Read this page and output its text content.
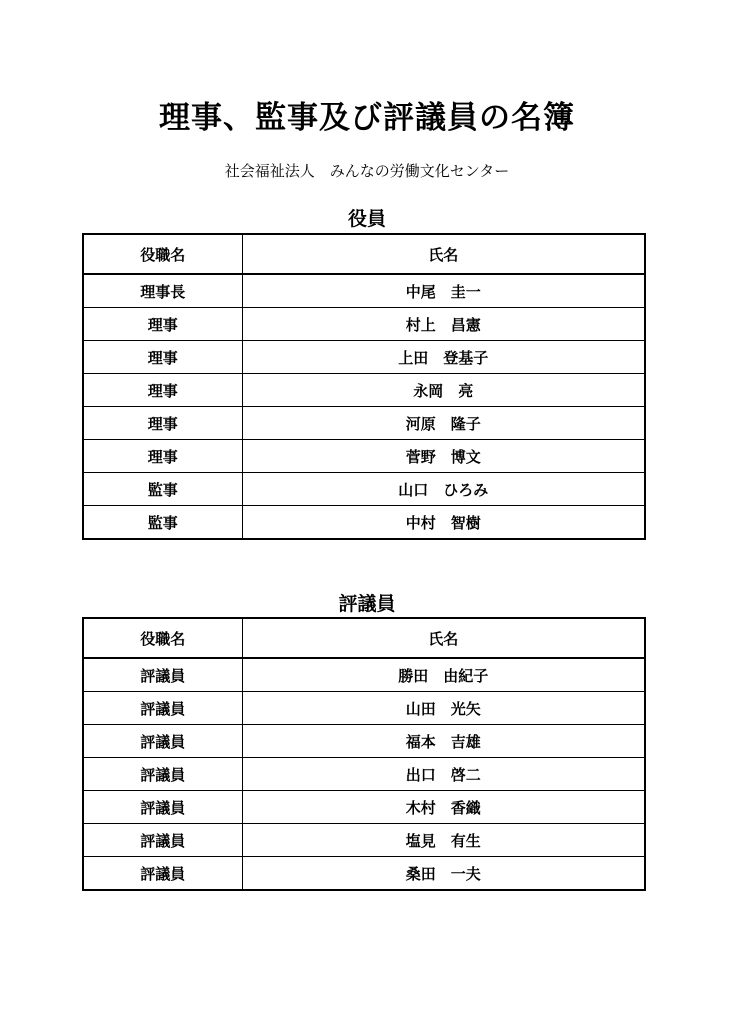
理事、監事及び評議員の名簿
社会福祉法人　みんなの労働文化センター
役員
役職名	氏名
理事長	中尾　圭一
理事	村上　昌憲
理事	上田　登基子
理事	永岡　亮
理事	河原　隆子
理事	菅野　博文
監事	山口　ひろみ
監事	中村　智樹
評議員
役職名	氏名
評議員	勝田　由紀子
評議員	山田　光矢
評議員	福本　吉雄
評議員	出口　啓二
評議員	木村　香織
評議員	塩見　有生
評議員	桑田　一夫
